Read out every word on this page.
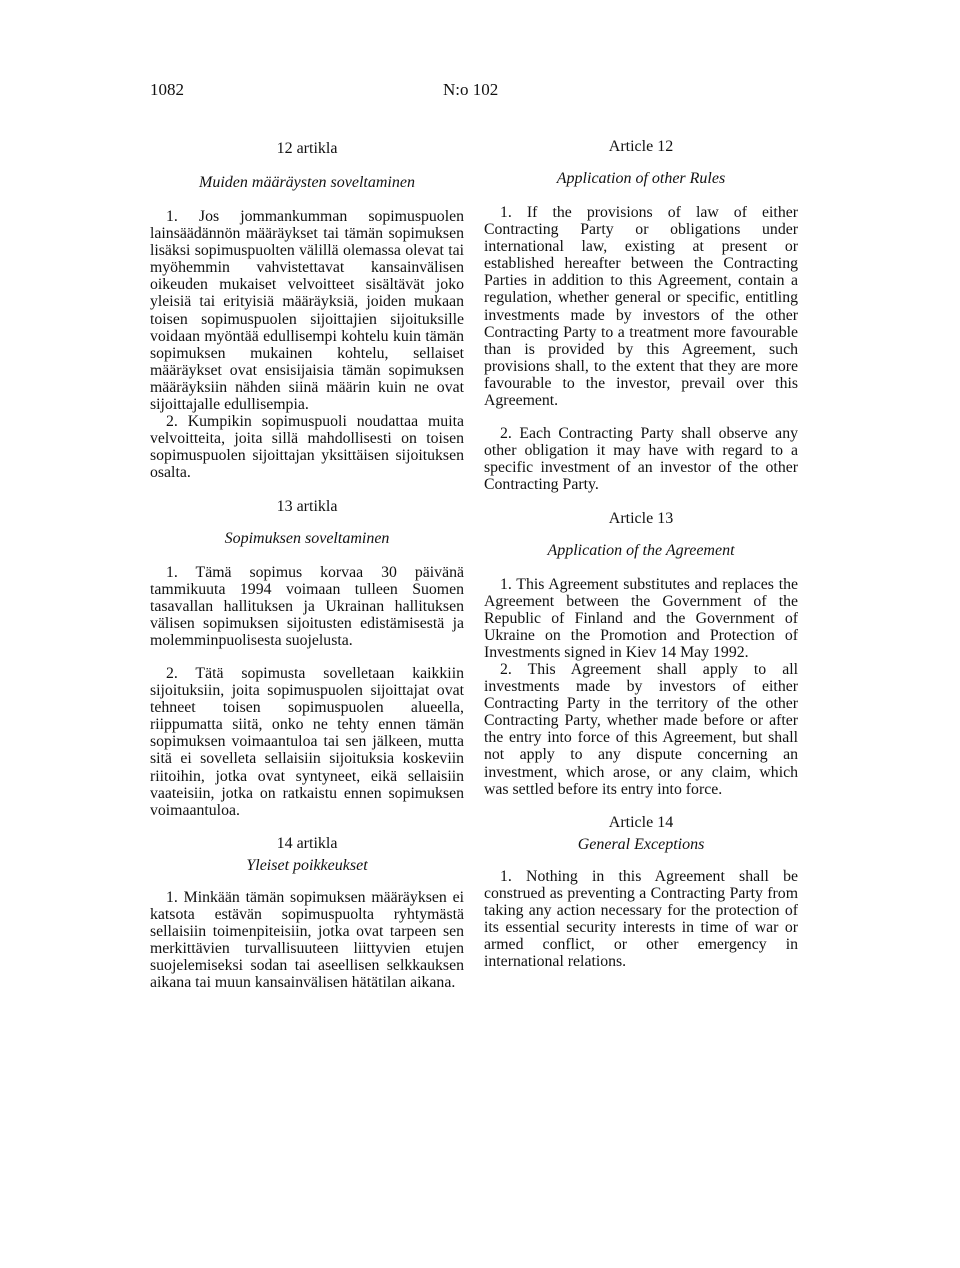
1082	N:o 102
12 artikla
Muiden määräysten soveltaminen

1. Jos jommankumman sopimuspuolen lainsäädännön määräykset tai tämän sopimuksen lisäksi sopimuspuolten välillä olemassa olevat tai myöhemmin vahvistettavat kansainvälisen oikeuden mukaiset velvoitteet sisältävät joko yleisiä tai erityisiä määräyksiä, joiden mukaan toisen sopimuspuolen sijoittajien sijoituksille voidaan myöntää edullisempi kohtelu kuin tämän sopimuksen mukainen kohtelu, sellaiset määräykset ovat ensisijaisia tämän sopimuksen määräyksiin nähden siinä määrin kuin ne ovat sijoittajalle edullisempia.

2. Kumpikin sopimuspuoli noudattaa muita velvoitteita, joita sillä mahdollisesti on toisen sopimuspuolen sijoittajan yksittäisen sijoituksen osalta.

13 artikla
Sopimuksen soveltaminen

1. Tämä sopimus korvaa 30 päivänä tammikuuta 1994 voimaan tulleen Suomen tasavallan hallituksen ja Ukrainan hallituksen välisen sopimuksen sijoitusten edistämisestä ja molemminpuolisesta suojelusta.

2. Tätä sopimusta sovelletaan kaikkiin sijoituksiin, joita sopimuspuolen sijoittajat ovat tehneet toisen sopimuspuolen alueella, riippumatta siitä, onko ne tehty ennen tämän sopimuksen voimaantuloa tai sen jälkeen, mutta sitä ei sovelleta sellaisiin sijoituksia koskeviin riitoihin, jotka ovat syntyneet, eikä sellaisiin vaateisiin, jotka on ratkaistu ennen sopimuksen voimaantuloa.

14 artikla
Yleiset poikkeukset

1. Minkään tämän sopimuksen määräyksen ei katsota estävän sopimuspuolta ryhtymästä sellaisiin toimenpiteisiin, jotka ovat tarpeen sen merkittävien turvallisuuteen liittyvien etujen suojelemiseksi sodan tai aseellisen selkkauksen aikana tai muun kansainvälisen hätätilan aikana.

Article 12
Application of other Rules

1. If the provisions of law of either Contracting Party or obligations under international law, existing at present or established hereafter between the Contracting Parties in addition to this Agreement, contain a regulation, whether general or specific, entitling investments made by investors of the other Contracting Party to a treatment more favourable than is provided by this Agreement, such provisions shall, to the extent that they are more favourable to the investor, prevail over this Agreement.

2. Each Contracting Party shall observe any other obligation it may have with regard to a specific investment of an investor of the other Contracting Party.

Article 13
Application of the Agreement

1. This Agreement substitutes and replaces the Agreement between the Government of the Republic of Finland and the Government of Ukraine on the Promotion and Protection of Investments signed in Kiev 14 May 1992.

2. This Agreement shall apply to all investments made by investors of either Contracting Party in the territory of the other Contracting Party, whether made before or after the entry into force of this Agreement, but shall not apply to any dispute concerning an investment, which arose, or any claim, which was settled before its entry into force.

Article 14
General Exceptions

1. Nothing in this Agreement shall be construed as preventing a Contracting Party from taking any action necessary for the protection of its essential security interests in time of war or armed conflict, or other emergency in international relations.
